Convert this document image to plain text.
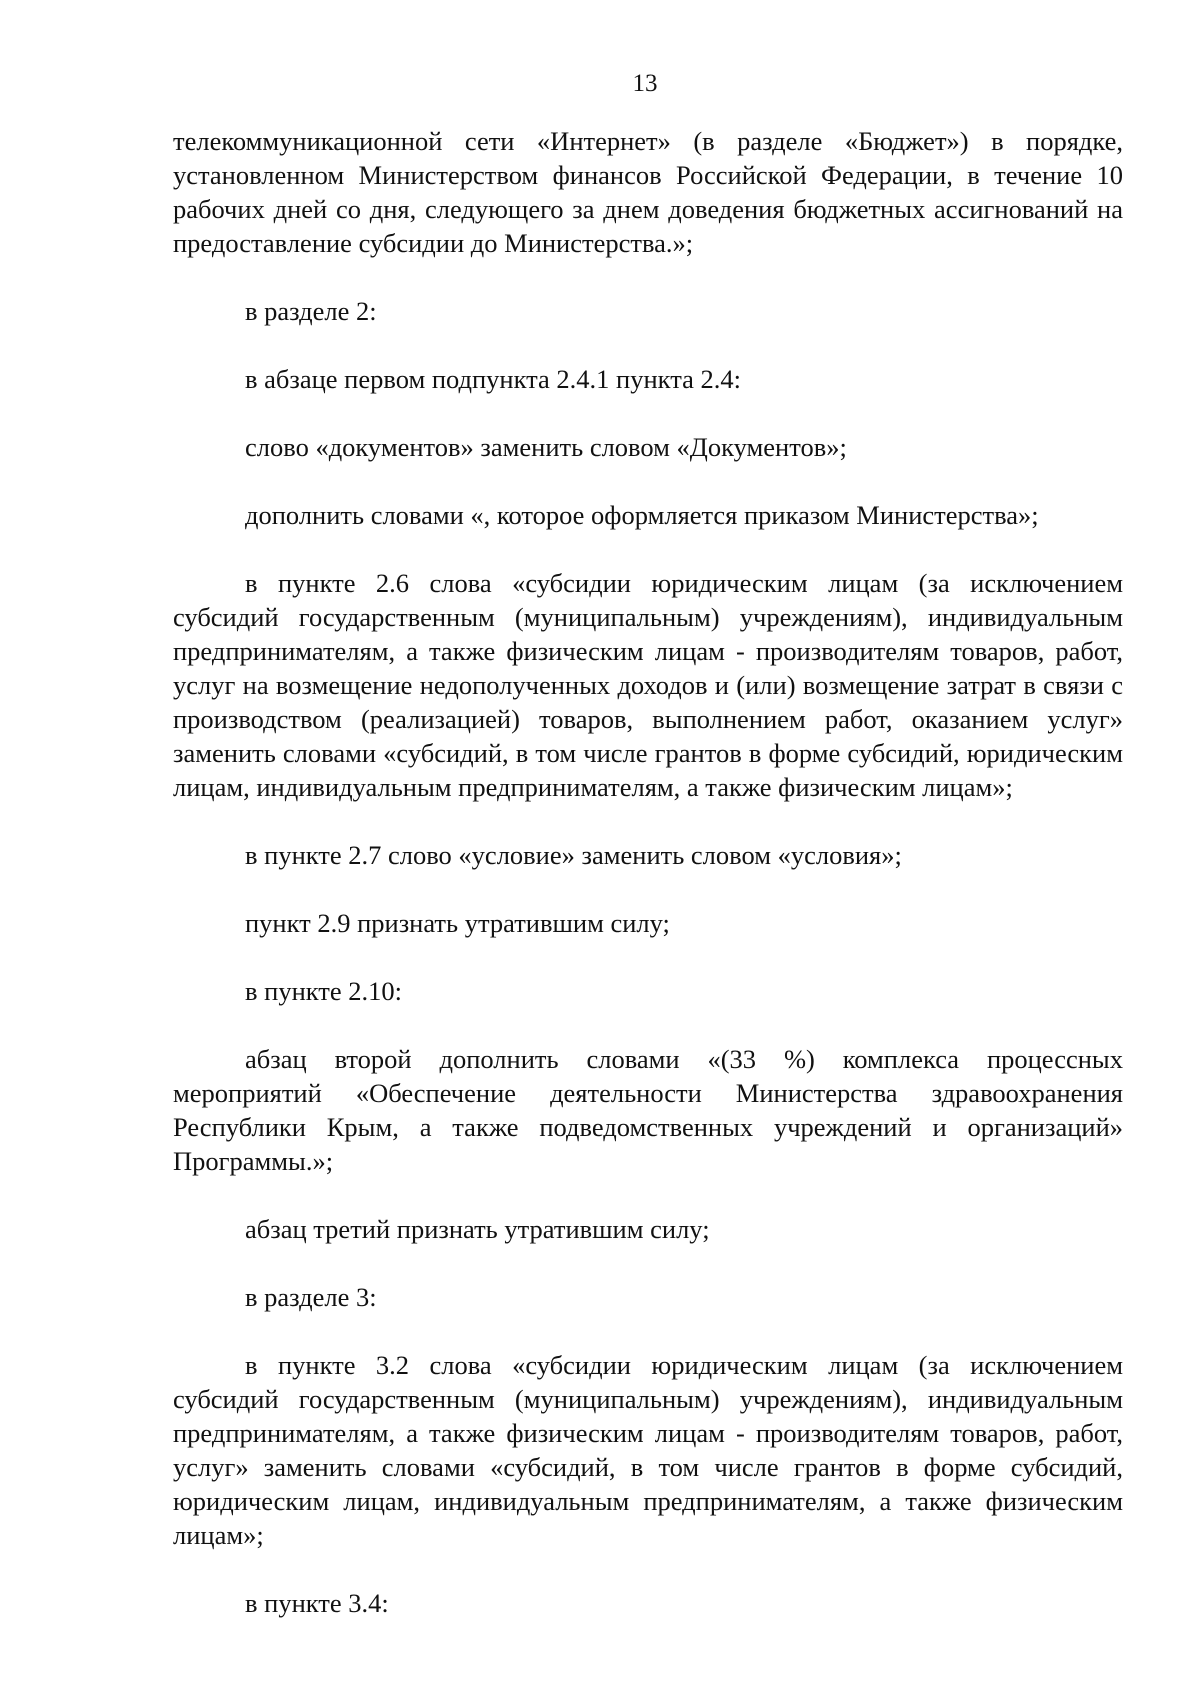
13

телекоммуникационной сети «Интернет» (в разделе «Бюджет») в порядке, установленном Министерством финансов Российской Федерации, в течение 10 рабочих дней со дня, следующего за днем доведения бюджетных ассигнований на предоставление субсидии до Министерства.»;

в разделе 2:

в абзаце первом подпункта 2.4.1 пункта 2.4:

слово «документов» заменить словом «Документов»;

дополнить словами «, которое оформляется приказом Министерства»;

в пункте 2.6 слова «субсидии юридическим лицам (за исключением субсидий государственным (муниципальным) учреждениям), индивидуальным предпринимателям, а также физическим лицам - производителям товаров, работ, услуг на возмещение недополученных доходов и (или) возмещение затрат в связи с производством (реализацией) товаров, выполнением работ, оказанием услуг» заменить словами «субсидий, в том числе грантов в форме субсидий, юридическим лицам, индивидуальным предпринимателям, а также физическим лицам»;

в пункте 2.7 слово «условие» заменить словом «условия»;

пункт 2.9 признать утратившим силу;

в пункте 2.10:

абзац второй дополнить словами «(33 %) комплекса процессных мероприятий «Обеспечение деятельности Министерства здравоохранения Республики Крым, а также подведомственных учреждений и организаций» Программы.»;

абзац третий признать утратившим силу;

в разделе 3:

в пункте 3.2 слова «субсидии юридическим лицам (за исключением субсидий государственным (муниципальным) учреждениям), индивидуальным предпринимателям, а также физическим лицам - производителям товаров, работ, услуг» заменить словами «субсидий, в том числе грантов в форме субсидий, юридическим лицам, индивидуальным предпринимателям, а также физическим лицам»;

в пункте 3.4:
